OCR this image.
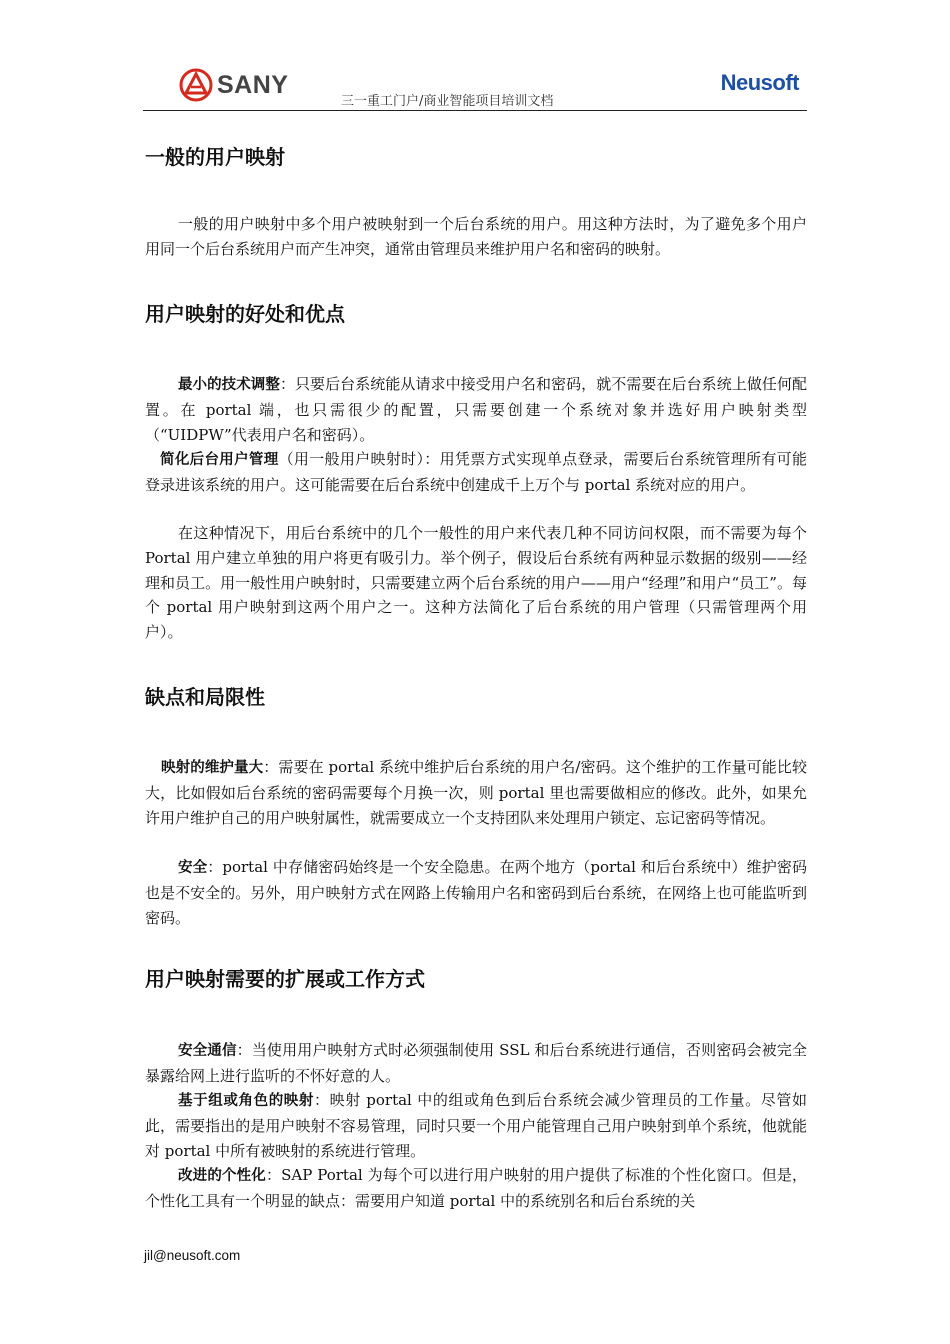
SANY
三一重工门户/商业智能项目培训文档
Neusoft
一般的用户映射

一般的用户映射中多个用户被映射到一个后台系统的用户。用这种方法时，为了避免多个用户用同一个后台系统用户而产生冲突，通常由管理员来维护用户名和密码的映射。

用户映射的好处和优点

最小的技术调整：只要后台系统能从请求中接受用户名和密码，就不需要在后台系统上做任何配置。在 portal 端，也只需很少的配置，只需要创建一个系统对象并选好用户映射类型（“UIDPW”代表用户名和密码）。

简化后台用户管理（用一般用户映射时）：用凭票方式实现单点登录，需要后台系统管理所有可能登录进该系统的用户。这可能需要在后台系统中创建成千上万个与 portal 系统对应的用户。

在这种情况下，用后台系统中的几个一般性的用户来代表几种不同访问权限，而不需要为每个 Portal 用户建立单独的用户将更有吸引力。举个例子，假设后台系统有两种显示数据的级别——经理和员工。用一般性用户映射时，只需要建立两个后台系统的用户——用户“经理”和用户“员工”。每个 portal 用户映射到这两个用户之一。这种方法简化了后台系统的用户管理（只需管理两个用户）。

缺点和局限性

映射的维护量大：需要在 portal 系统中维护后台系统的用户名/密码。这个维护的工作量可能比较大，比如假如后台系统的密码需要每个月换一次，则 portal 里也需要做相应的修改。此外，如果允许用户维护自己的用户映射属性，就需要成立一个支持团队来处理用户锁定、忘记密码等情况。

安全：portal 中存储密码始终是一个安全隐患。在两个地方（portal 和后台系统中）维护密码也是不安全的。另外，用户映射方式在网路上传输用户名和密码到后台系统，在网络上也可能监听到密码。

用户映射需要的扩展或工作方式

安全通信：当使用用户映射方式时必须强制使用 SSL 和后台系统进行通信，否则密码会被完全暴露给网上进行监听的不怀好意的人。

基于组或角色的映射：映射 portal 中的组或角色到后台系统会减少管理员的工作量。尽管如此，需要指出的是用户映射不容易管理，同时只要一个用户能管理自己用户映射到单个系统，他就能对 portal 中所有被映射的系统进行管理。

改进的个性化：SAP Portal 为每个可以进行用户映射的用户提供了标准的个性化窗口。但是，个性化工具有一个明显的缺点：需要用户知道 portal 中的系统别名和后台系统的关

jil@neusoft.com
